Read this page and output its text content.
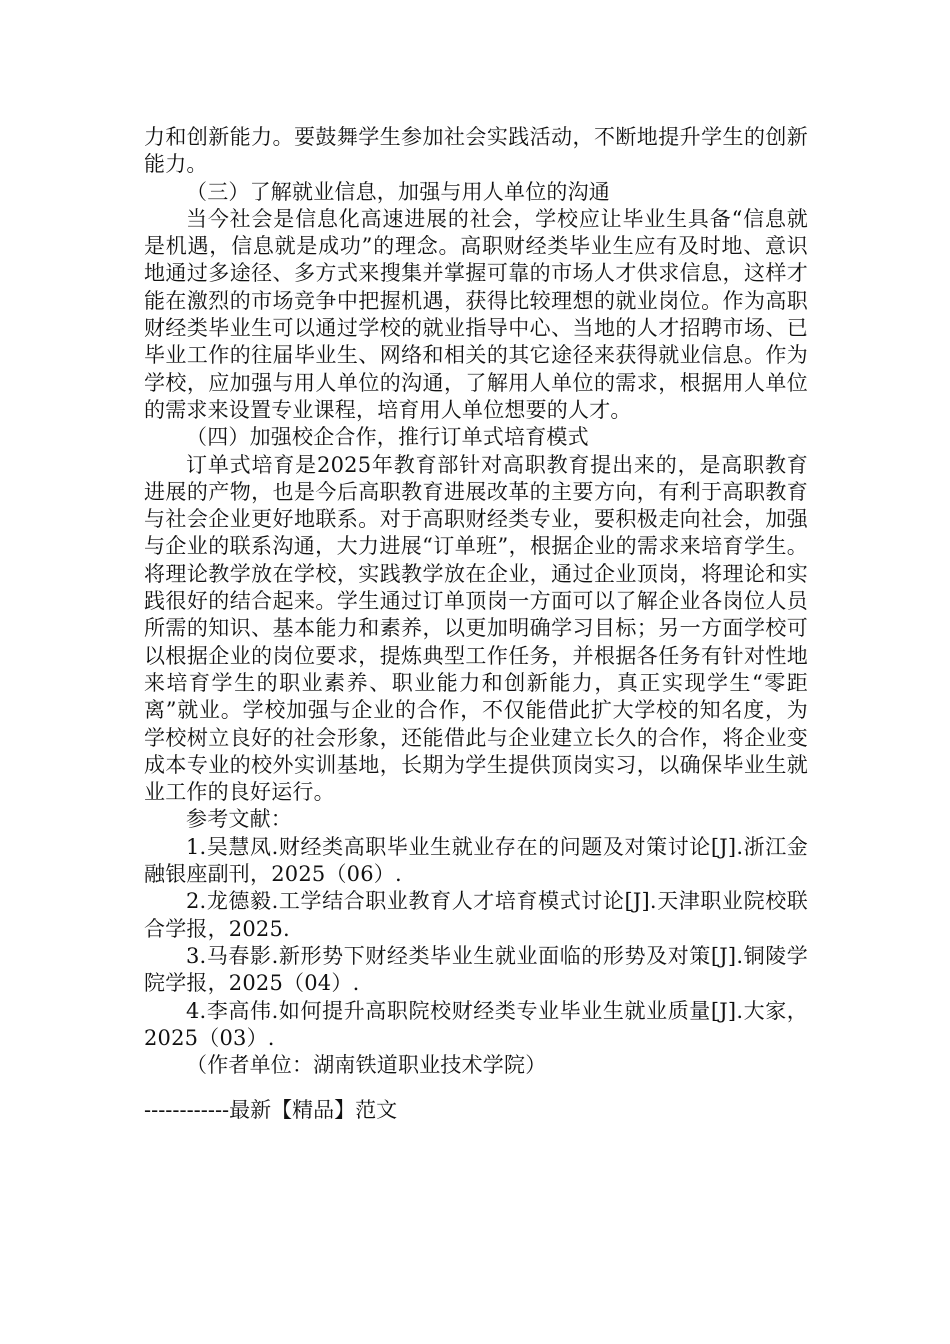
力和创新能力。要鼓舞学生参加社会实践活动，不断地提升学生的创新能力。

（三）了解就业信息，加强与用人单位的沟通

当今社会是信息化高速进展的社会，学校应让毕业生具备“信息就是机遇，信息就是成功”的理念。高职财经类毕业生应有及时地、意识地通过多途径、多方式来搜集并掌握可靠的市场人才供求信息，这样才能在激烈的市场竞争中把握机遇，获得比较理想的就业岗位。作为高职财经类毕业生可以通过学校的就业指导中心、当地的人才招聘市场、已毕业工作的往届毕业生、网络和相关的其它途径来获得就业信息。作为学校，应加强与用人单位的沟通，了解用人单位的需求，根据用人单位的需求来设置专业课程，培育用人单位想要的人才。

（四）加强校企合作，推行订单式培育模式

订单式培育是2025年教育部针对高职教育提出来的，是高职教育进展的产物，也是今后高职教育进展改革的主要方向，有利于高职教育与社会企业更好地联系。对于高职财经类专业，要积极走向社会，加强与企业的联系沟通，大力进展“订单班”，根据企业的需求来培育学生。将理论教学放在学校，实践教学放在企业，通过企业顶岗，将理论和实践很好的结合起来。学生通过订单顶岗一方面可以了解企业各岗位人员所需的知识、基本能力和素养，以更加明确学习目标；另一方面学校可以根据企业的岗位要求，提炼典型工作任务，并根据各任务有针对性地来培育学生的职业素养、职业能力和创新能力，真正实现学生“零距离”就业。学校加强与企业的合作，不仅能借此扩大学校的知名度，为学校树立良好的社会形象，还能借此与企业建立长久的合作，将企业变成本专业的校外实训基地，长期为学生提供顶岗实习，以确保毕业生就业工作的良好运行。

参考文献：

1.吴慧凤.财经类高职毕业生就业存在的问题及对策讨论[J].浙江金融银座副刊，2025（06）.

2.龙德毅.工学结合职业教育人才培育模式讨论[J].天津职业院校联合学报，2025.

3.马春影.新形势下财经类毕业生就业面临的形势及对策[J].铜陵学院学报，2025（04）.

4.李高伟.如何提升高职院校财经类专业毕业生就业质量[J].大家，2025（03）.

（作者单位：湖南铁道职业技术学院）

------------最新【精品】范文
